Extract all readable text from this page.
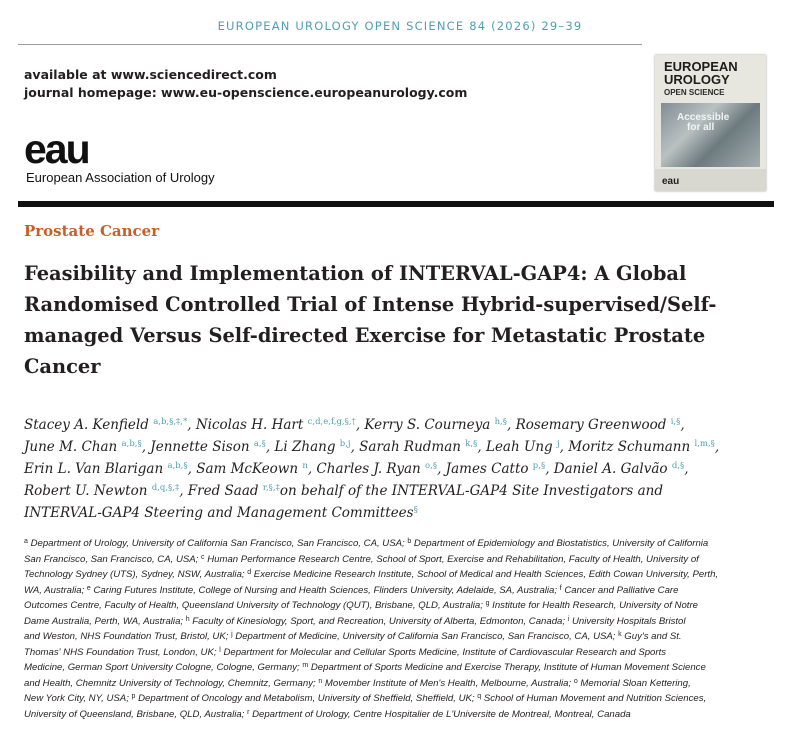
EUROPEAN UROLOGY OPEN SCIENCE 84 (2026) 29–39
available at www.sciencedirect.com
journal homepage: www.eu-openscience.europeanurology.com
eau
European Association of Urology
EUROPEAN
UROLOGY
OPEN SCIENCE
Accessible
for all
eau
Prostate Cancer
Feasibility and Implementation of INTERVAL-GAP4: A Global
Randomised Controlled Trial of Intense Hybrid-supervised/Self-
managed Versus Self-directed Exercise for Metastatic Prostate
Cancer
Stacey A. Kenfield $^{a,b,\S,\ddagger,*}$, Nicolas H. Hart $^{c,d,e,f,g,\S,\dagger}$, Kerry S. Courneya $^{h,\S}$, Rosemary Greenwood $^{i,\S}$,
June M. Chan $^{a,b,\S}$, Jennette Sison $^{a,\S}$, Li Zhang $^{b,j}$, Sarah Rudman $^{k,\S}$, Leah Ung $^j$, Moritz Schumann $^{l,m,\S}$,
Erin L. Van Blarigan $^{a,b,\S}$, Sam McKeown $^n$, Charles J. Ryan $^{o,\S}$, James Catto $^{p,\S}$, Daniel A. Galvão $^{d,\S}$,
Robert U. Newton $^{d,q,\S,\ddagger}$, Fred Saad $^{r,\S,\ddagger}$on behalf of the INTERVAL-GAP4 Site Investigators and
INTERVAL-GAP4 Steering and Management Committees§
$^a$ Department of Urology, University of California San Francisco, San Francisco, CA, USA; $^b$ Department of Epidemiology and Biostatistics, University of California
San Francisco, San Francisco, CA, USA; $^c$ Human Performance Research Centre, School of Sport, Exercise and Rehabilitation, Faculty of Health, University of
Technology Sydney (UTS), Sydney, NSW, Australia; $^d$ Exercise Medicine Research Institute, School of Medical and Health Sciences, Edith Cowan University, Perth,
WA, Australia; $^e$ Caring Futures Institute, College of Nursing and Health Sciences, Flinders University, Adelaide, SA, Australia; $^f$ Cancer and Palliative Care
Outcomes Centre, Faculty of Health, Queensland University of Technology (QUT), Brisbane, QLD, Australia; $^g$ Institute for Health Research, University of Notre
Dame Australia, Perth, WA, Australia; $^h$ Faculty of Kinesiology, Sport, and Recreation, University of Alberta, Edmonton, Canada; $^i$ University Hospitals Bristol
and Weston, NHS Foundation Trust, Bristol, UK; $^j$ Department of Medicine, University of California San Francisco, San Francisco, CA, USA; $^k$ Guy's and St.
Thomas' NHS Foundation Trust, London, UK; $^l$ Department for Molecular and Cellular Sports Medicine, Institute of Cardiovascular Research and Sports
Medicine, German Sport University Cologne, Cologne, Germany; $^m$ Department of Sports Medicine and Exercise Therapy, Institute of Human Movement Science
and Health, Chemnitz University of Technology, Chemnitz, Germany; $^n$ Movember Institute of Men's Health, Melbourne, Australia; $^o$ Memorial Sloan Kettering,
New York City, NY, USA; $^p$ Department of Oncology and Metabolism, University of Sheffield, Sheffield, UK; $^q$ School of Human Movement and Nutrition Sciences,
University of Queensland, Brisbane, QLD, Australia; $^r$ Department of Urology, Centre Hospitalier de L'Universite de Montreal, Montreal, Canada
